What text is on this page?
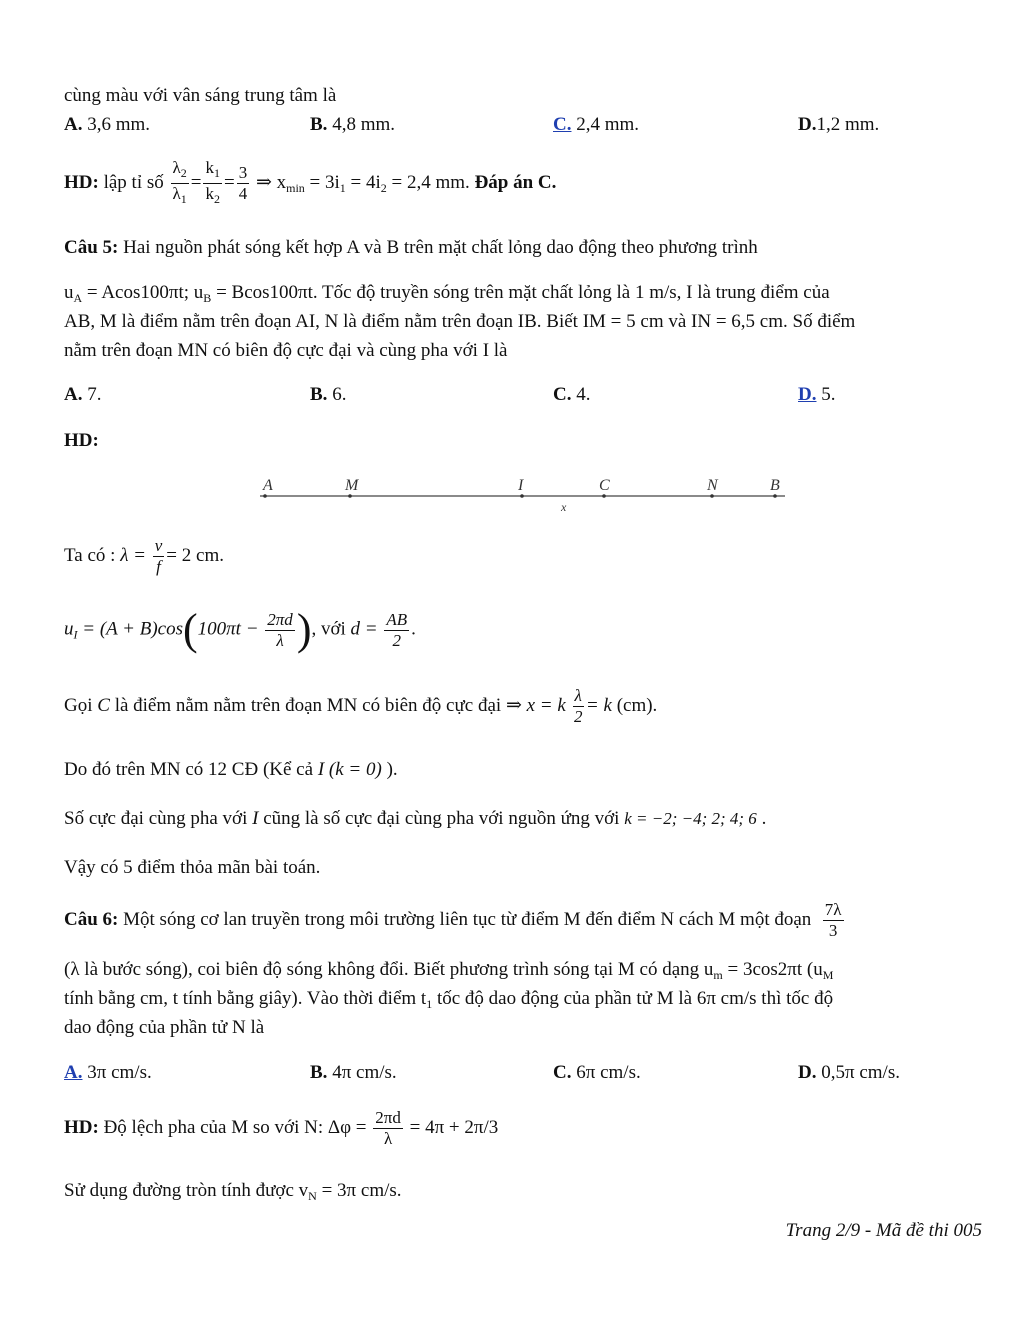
cùng màu với vân sáng trung tâm là
A. 3,6 mm.	B. 4,8 mm.	C. 2,4 mm.	D.1,2 mm.
HD: lập tỉ số $\frac{\lambda_2}{\lambda_1} = \frac{k_1}{k_2} = \frac{3}{4}$ ⇒ $x_{min} = 3i_1 = 4i_2 = 2,4$ mm. Đáp án C.
Câu 5: Hai nguồn phát sóng kết hợp A và B trên mặt chất lỏng dao động theo phương trình
$u_A = Acos100\pi t$; $u_B = Bcos100\pi t$. Tốc độ truyền sóng trên mặt chất lỏng là 1 m/s, I là trung điểm của
AB, M là điểm nằm trên đoạn AI, N là điểm nằm trên đoạn IB. Biết IM = 5 cm và IN = 6,5 cm. Số điểm
nằm trên đoạn MN có biên độ cực đại và cùng pha với I là
A. 7.	B. 6.	C. 4.	D. 5.
HD:
A	M	I	C	N	B
x
Ta có : $\lambda = \frac{v}{f} = 2$ cm.
$u_I = (A + B)\cos(100\pi t - \frac{2\pi d}{\lambda}$ ), với $d = \frac{AB}{2}$ .
Gọi C là điểm nằm nằm trên đoạn MN có biên độ cực đại ⇒ x = k $\frac{\lambda}{2} = k$ (cm).
Do đó trên MN có 12 CĐ (Kể cả I (k = 0) ).
Số cực đại cùng pha với I cũng là số cực đại cùng pha với nguồn ứng với k = −2; −4; 2; 4; 6 .
Vậy có 5 điểm thỏa mãn bài toán.
Câu 6: Một sóng cơ lan truyền trong môi trường liên tục từ điểm M đến điểm N cách M một đoạn $\frac{7\lambda}{3}$
(λ là bước sóng), coi biên độ sóng không đổi. Biết phương trình sóng tại M có dạng $u_m = 3\cos 2\pi t$ ($u_M$
tính bằng cm, t tính bằng giây). Vào thời điểm $t_1$ tốc độ dao động của phần tử M là 6π cm/s thì tốc độ
dao động của phần tử N là
A. 3π cm/s.	B. 4π cm/s.	C. 6π cm/s.	D. 0,5π cm/s.
HD: Độ lệch pha của M so với N: $\Delta\varphi = \frac{2\pi d}{\lambda} = 4\pi + 2\pi/3$
Sử dụng đường tròn tính được $v_N = 3\pi$ cm/s.
Trang 2/9 - Mã đề thi 005
